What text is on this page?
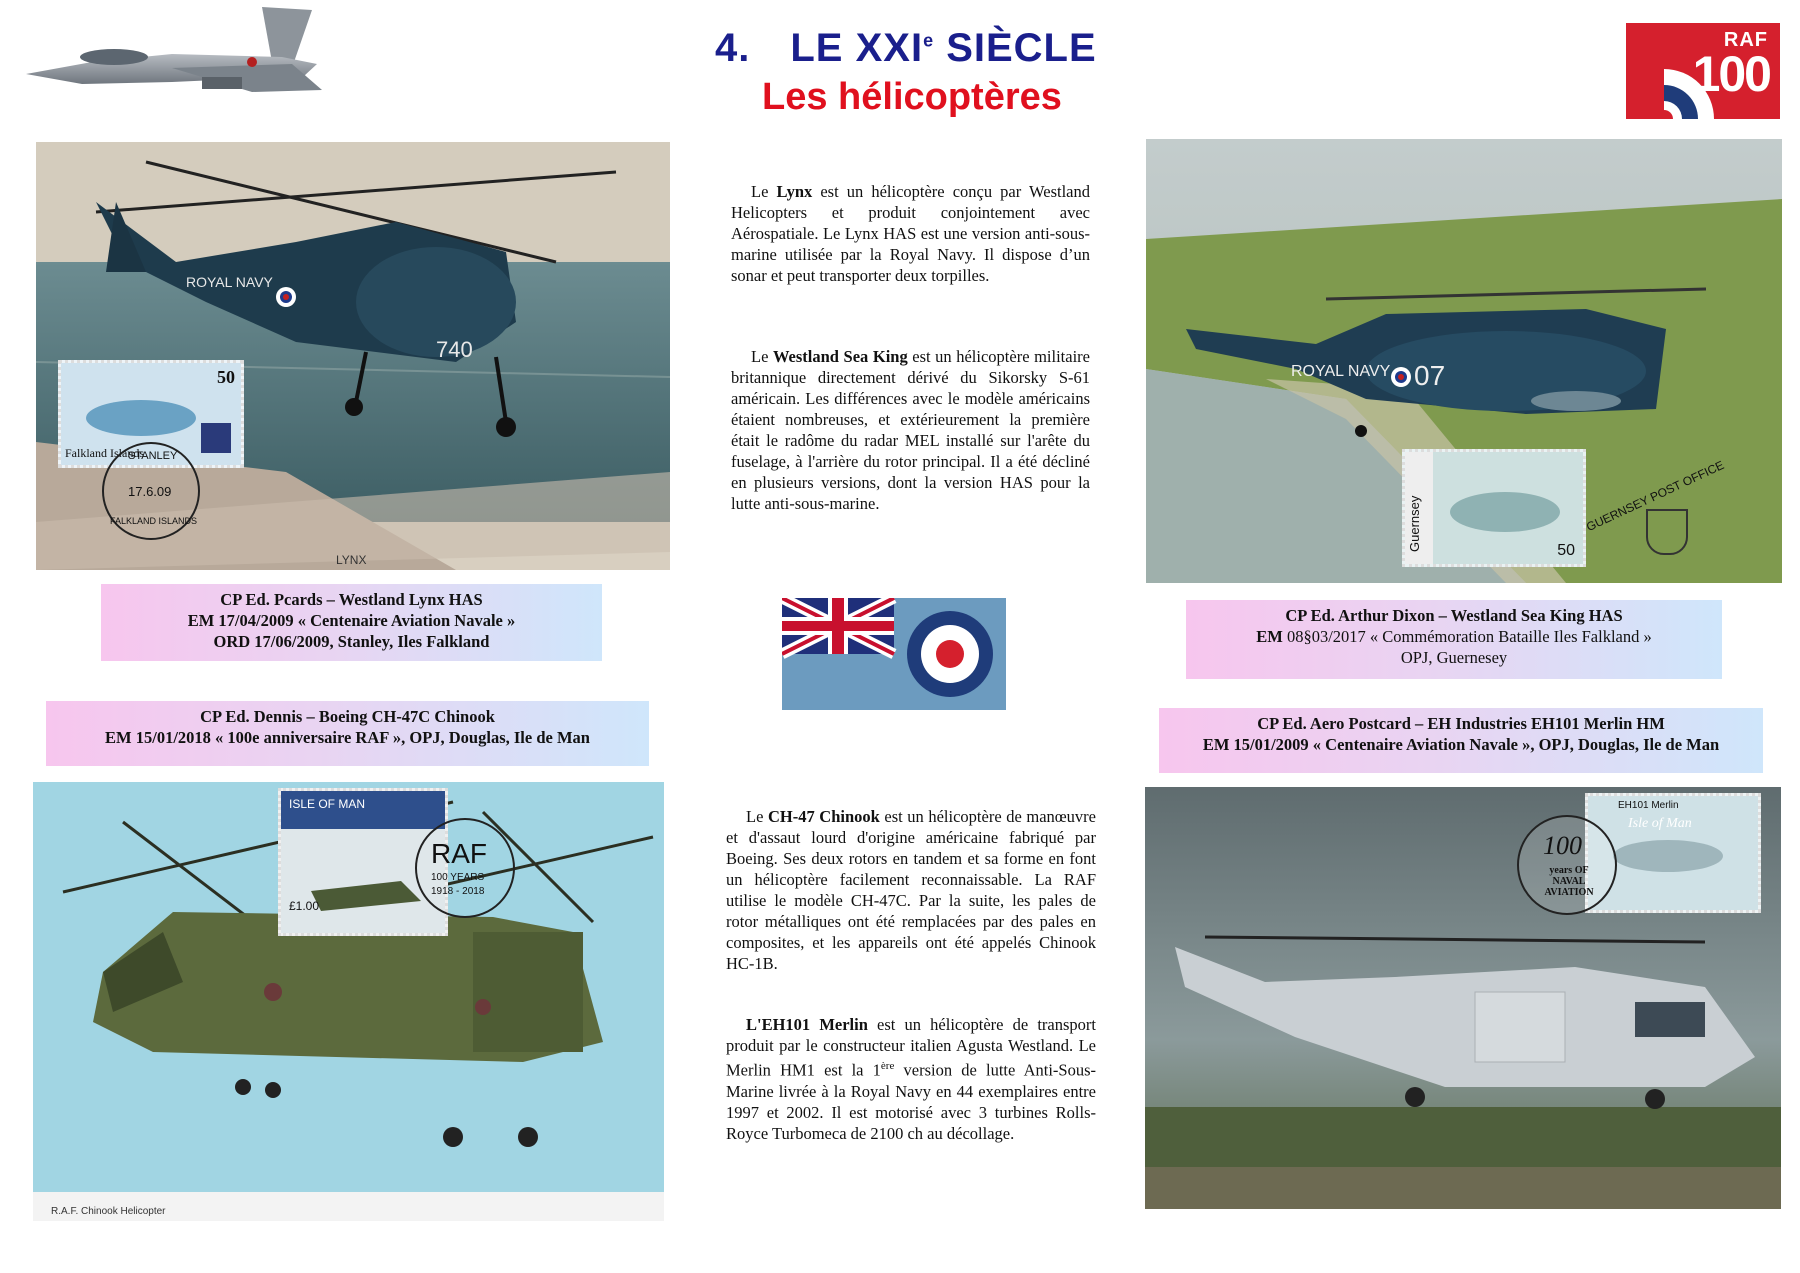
4. LE XXIe SIÈCLE
Les hélicoptères
RAF
100
ROYAL NAVY
740
50
Falkland Islands
STANLEY
17.6.09
FALKLAND ISLANDS
LYNX
CP Ed. Pcards – Westland Lynx HAS
EM 17/04/2009 « Centenaire Aviation Navale »
ORD 17/06/2009, Stanley, Iles Falkland

Le Lynx est un hélicoptère conçu par Westland Helicopters et produit conjointement avec Aérospatiale. Le Lynx HAS est une version anti-sous-marine utilisée par la Royal Navy. Il dispose d’un sonar et peut transporter deux torpilles.

Le Westland Sea King est un hélicoptère militaire britannique directement dérivé du Sikorsky S-61 américain. Les différences avec le modèle américains étaient nombreuses, et extérieurement la première était le radôme du radar MEL installé sur l'arête du fuselage, à l'arrière du rotor principal. Il a été décliné en plusieurs versions, dont la version HAS pour la lutte anti-sous-marine.

Le CH-47 Chinook est un hélicoptère de manœuvre et d'assaut lourd d'origine américaine fabriqué par Boeing. Ses deux rotors en tandem et sa forme en font un hélicoptère facilement reconnaissable. La RAF utilise le modèle CH-47C. Par la suite, les pales de rotor métalliques ont été remplacées par des pales en composites, et les appareils ont été appelés Chinook HC-1B.

L'EH101 Merlin est un hélicoptère de transport produit par le constructeur italien Agusta Westland. Le Merlin HM1 est la 1ère version de lutte Anti-Sous-Marine livrée à la Royal Navy en 44 exemplaires entre 1997 et 2002. Il est motorisé avec 3 turbines Rolls-Royce Turbomeca de 2100 ch au décollage.

ROYAL NAVY 07
Guernsey	50
GUERNSEY POST OFFICE
CP Ed. Arthur Dixon – Westland Sea King HAS
EM 08§03/2017 « Commémoration Bataille Iles Falkland »
OPJ, Guernesey
CP Ed. Aero Postcard – EH Industries EH101 Merlin HM
EM 15/01/2009 « Centenaire Aviation Navale », OPJ, Douglas, Ile de Man
CP Ed. Dennis – Boeing CH-47C Chinook
EM 15/01/2018 « 100e anniversaire RAF », OPJ, Douglas, Ile de Man
ISLE OF MAN
£1.00
RAF
100 YEARS
1918 - 2018
R.A.F. Chinook Helicopter
EH101 Merlin
Isle of Man
100
years OF NAVAL AVIATION
